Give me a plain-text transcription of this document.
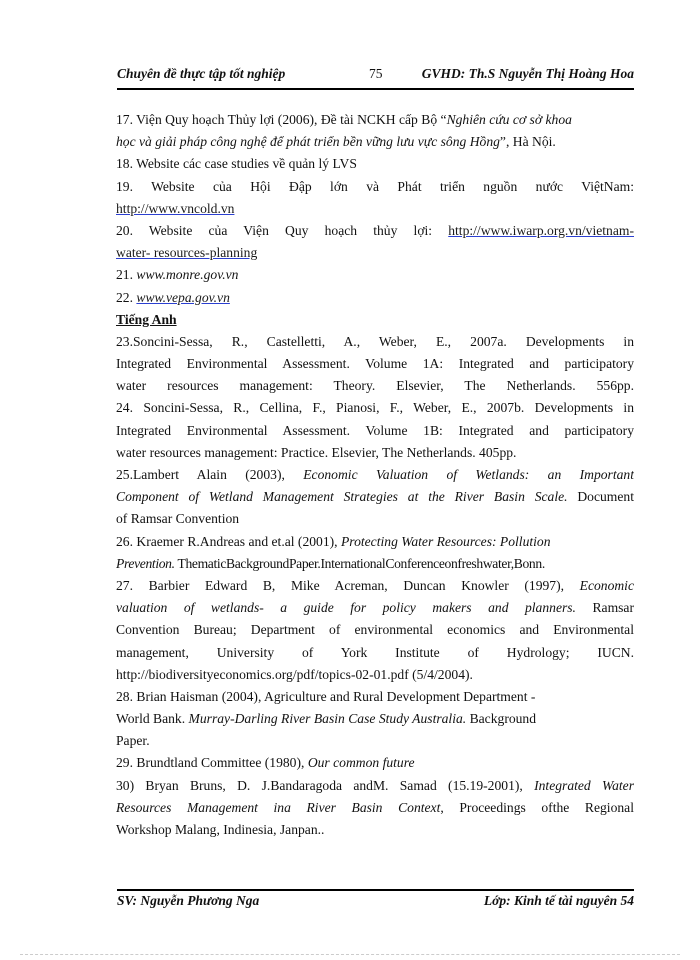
Chuyên đề thực tập tốt nghiệp	75	GVHD: Th.S Nguyễn Thị Hoàng Hoa
17. Viện Quy hoạch Thủy lợi (2006), Đề tài NCKH cấp Bộ “Nghiên cứu cơ sở khoa
học và giải pháp công nghệ để phát triển bền vững lưu vực sông Hồng”, Hà Nội.
18. Website các case studies về quản lý LVS
19. Website của Hội Đập lớn và Phát triển nguồn nước ViệtNam:
http://www.vncold.vn
20. Website của Viện Quy hoạch thủy lợi: http://www.iwarp.org.vn/vietnam-
water- resources-planning
21. www.monre.gov.vn
22. www.vepa.gov.vn
Tiếng Anh
23.Soncini-Sessa, R., Castelletti, A., Weber, E., 2007a. Developments in
Integrated Environmental Assessment. Volume 1A: Integrated and participatory
water resources management: Theory. Elsevier, The Netherlands. 556pp.
24. Soncini-Sessa, R., Cellina, F., Pianosi, F., Weber, E., 2007b. Developments in
Integrated Environmental Assessment. Volume 1B: Integrated and participatory
water resources management: Practice. Elsevier, The Netherlands. 405pp.
25.Lambert Alain (2003), Economic Valuation of Wetlands: an Important
Component of Wetland Management Strategies at the River Basin Scale. Document
of Ramsar Convention
26. Kraemer R.Andreas and et.al (2001), Protecting Water Resources: Pollution
Prevention. ThematicBackgroundPaper.InternationalConferenceonfreshwater,Bonn.
27. Barbier Edward B, Mike Acreman, Duncan Knowler (1997), Economic
valuation of wetlands- a guide for policy makers and planners. Ramsar
Convention Bureau; Department of environmental economics and Environmental
management, University of York Institute of Hydrology; IUCN.
http://biodiversityeconomics.org/pdf/topics-02-01.pdf (5/4/2004).
28. Brian Haisman (2004), Agriculture and Rural Development Department -
World Bank. Murray-Darling River Basin Case Study Australia. Background
Paper.
29. Brundtland Committee (1980), Our common future
30) Bryan Bruns, D. J.Bandaragoda andM. Samad (15.19-2001), Integrated Water
Resources Management ina River Basin Context, Proceedings ofthe Regional
Workshop Malang, Indinesia, Janpan..
SV: Nguyễn Phương Nga	Lớp: Kinh tế tài nguyên 54
